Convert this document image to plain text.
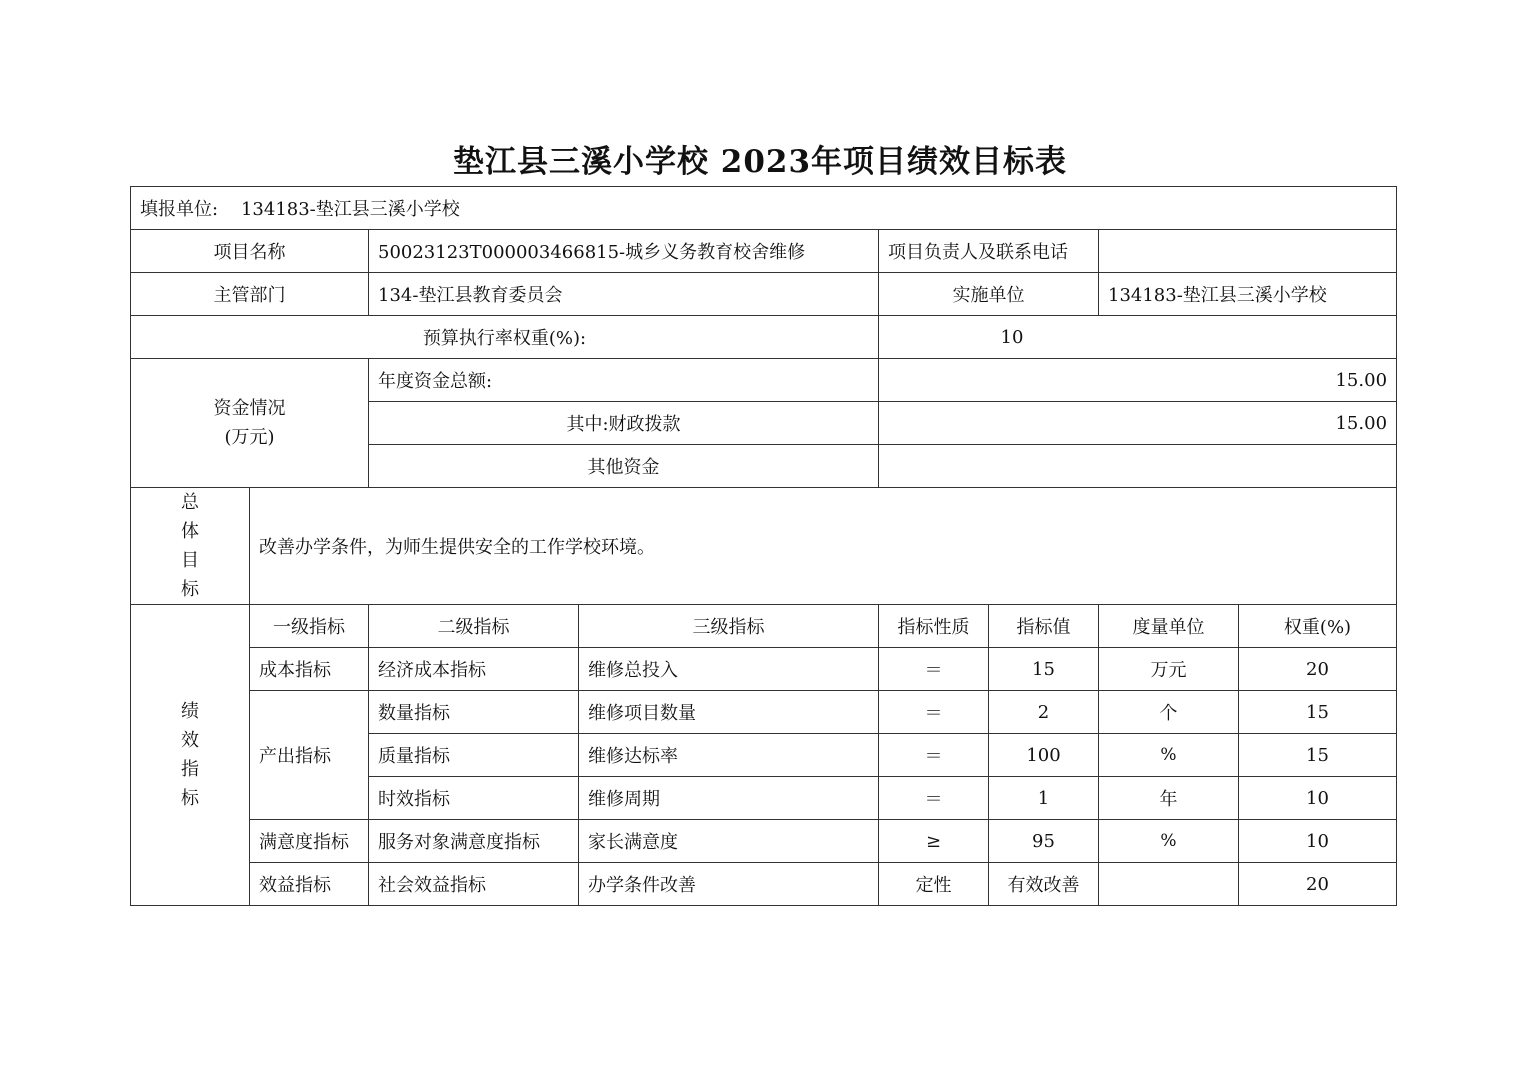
垫江县三溪小学校 2023年项目绩效目标表
填报单位: 134183-垫江县三溪小学校							
项目名称		50023123T000003466815-城乡义务教育校舍维修		项目负责人及联系电话			
主管部门		134-垫江县教育委员会		实施单位		134183-垫江县三溪小学校	
预算执行率权重(%):				10			

资金情况
(万元)		年度资金总额:		15.00			
		其中:财政拨款		15.00			
		其他资金					

总
体
目
标	改善办学条件，为师生提供安全的工作学校环境。						

绩
效
指
标	一级指标	二级指标	三级指标	指标性质	指标值	度量单位	权重(%)
	成本指标	经济成本指标	维修总投入	＝	15	万元	20
	产出指标	数量指标	维修项目数量	＝	2	个	15
		质量指标	维修达标率	＝	100	%	15
		时效指标	维修周期	＝	1	年	10
	满意度指标	服务对象满意度指标	家长满意度	≥	95	%	10
	效益指标	社会效益指标	办学条件改善	定性	有效改善		20
